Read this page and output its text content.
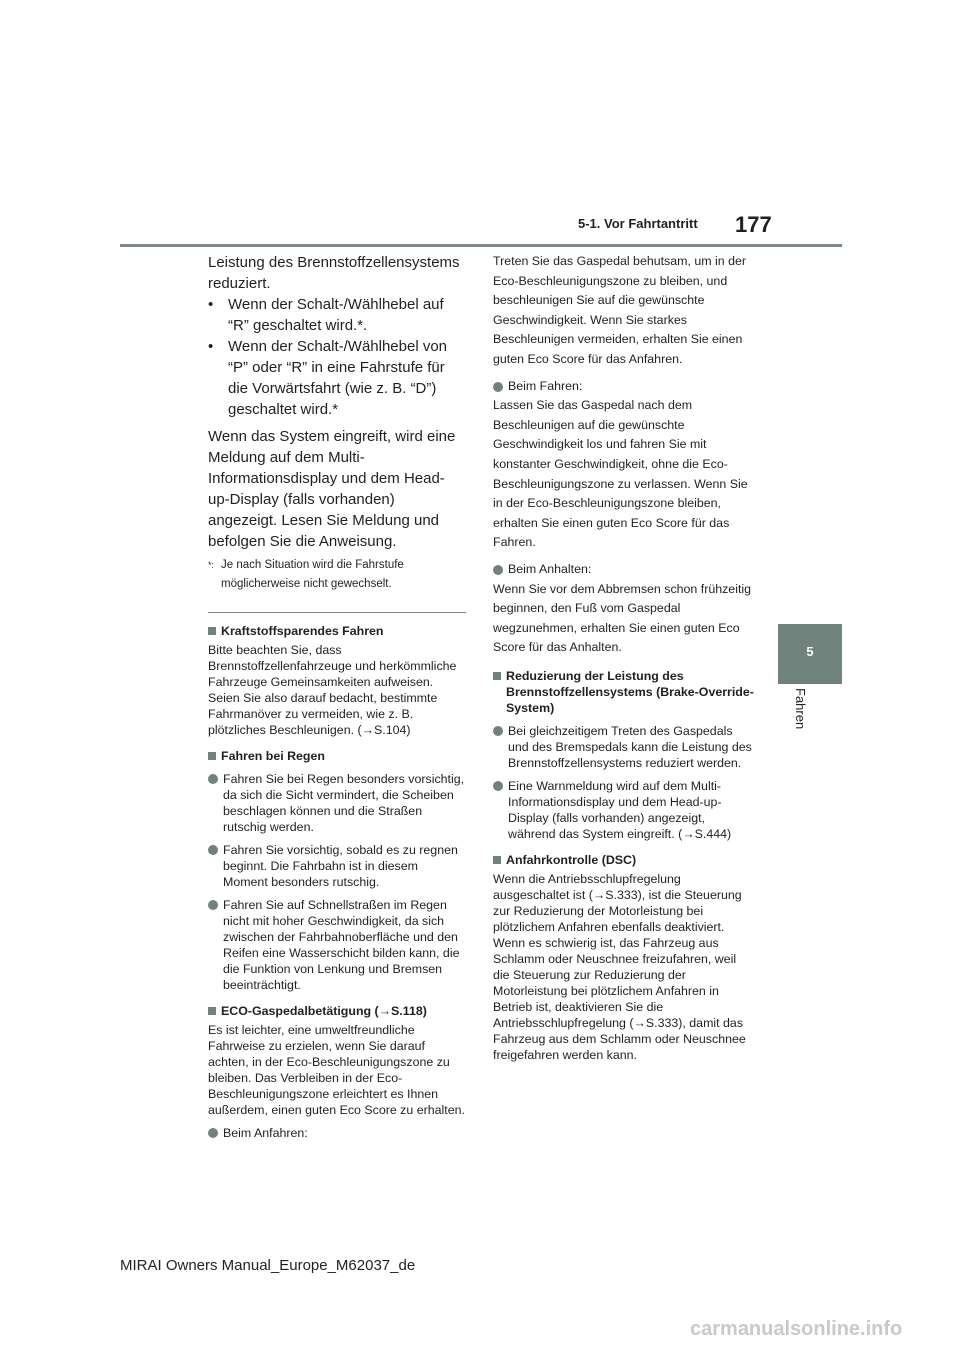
5-1. Vor Fahrtantritt 177
5
Fahren

Leistung des Brennstoffzellensystems reduziert.

• Wenn der Schalt-/Wählhebel auf “R” geschaltet wird.*.
• Wenn der Schalt-/Wählhebel von “P” oder “R” in eine Fahrstufe für die Vorwärtsfahrt (wie z. B. “D”) geschaltet wird.*

Wenn das System eingreift, wird eine Meldung auf dem Multi-Informationsdisplay und dem Head-up-Display (falls vorhanden) angezeigt. Lesen Sie Meldung und befolgen Sie die Anweisung.

*: Je nach Situation wird die Fahrstufe möglicherweise nicht gewechselt.
Kraftstoffsparendes Fahren

Bitte beachten Sie, dass Brennstoffzellenfahrzeuge und herkömmliche Fahrzeuge Gemeinsamkeiten aufweisen. Seien Sie also darauf bedacht, bestimmte Fahrmanöver zu vermeiden, wie z. B. plötzliches Beschleunigen. (→S.104)

Fahren bei Regen
Fahren Sie bei Regen besonders vorsichtig, da sich die Sicht vermindert, die Scheiben beschlagen können und die Straßen rutschig werden.
Fahren Sie vorsichtig, sobald es zu regnen beginnt. Die Fahrbahn ist in diesem Moment besonders rutschig.
Fahren Sie auf Schnellstraßen im Regen nicht mit hoher Geschwindigkeit, da sich zwischen der Fahrbahnoberfläche und den Reifen eine Wasserschicht bilden kann, die die Funktion von Lenkung und Bremsen beeinträchtigt.
ECO-Gaspedalbetätigung (→S.118)

Es ist leichter, eine umweltfreundliche Fahrweise zu erzielen, wenn Sie darauf achten, in der Eco-Beschleunigungszone zu bleiben. Das Verbleiben in der Eco-Beschleunigungszone erleichtert es Ihnen außerdem, einen guten Eco Score zu erhalten.

Beim Anfahren:

Treten Sie das Gaspedal behutsam, um in der Eco-Beschleunigungszone zu bleiben, und beschleunigen Sie auf die gewünschte Geschwindigkeit. Wenn Sie starkes Beschleunigen vermeiden, erhalten Sie einen guten Eco Score für das Anfahren.

Beim Fahren:

Lassen Sie das Gaspedal nach dem Beschleunigen auf die gewünschte Geschwindigkeit los und fahren Sie mit konstanter Geschwindigkeit, ohne die Eco-Beschleunigungszone zu verlassen. Wenn Sie in der Eco-Beschleunigungszone bleiben, erhalten Sie einen guten Eco Score für das Fahren.

Beim Anhalten:

Wenn Sie vor dem Abbremsen schon frühzeitig beginnen, den Fuß vom Gaspedal wegzunehmen, erhalten Sie einen guten Eco Score für das Anhalten.

Reduzierung der Leistung des Brennstoffzellensystems (Brake-Override-System)
Bei gleichzeitigem Treten des Gaspedals und des Bremspedals kann die Leistung des Brennstoffzellensystems reduziert werden.
Eine Warnmeldung wird auf dem Multi-Informationsdisplay und dem Head-up-Display (falls vorhanden) angezeigt, während das System eingreift. (→S.444)
Anfahrkontrolle (DSC)

Wenn die Antriebsschlupfregelung ausgeschaltet ist (→S.333), ist die Steuerung zur Reduzierung der Motorleistung bei plötzlichem Anfahren ebenfalls deaktiviert. Wenn es schwierig ist, das Fahrzeug aus Schlamm oder Neuschnee freizufahren, weil die Steuerung zur Reduzierung der Motorleistung bei plötzlichem Anfahren in Betrieb ist, deaktivieren Sie die Antriebsschlupfregelung (→S.333), damit das Fahrzeug aus dem Schlamm oder Neuschnee freigefahren werden kann.

MIRAI Owners Manual_Europe_M62037_de
carmanualsonline.info
